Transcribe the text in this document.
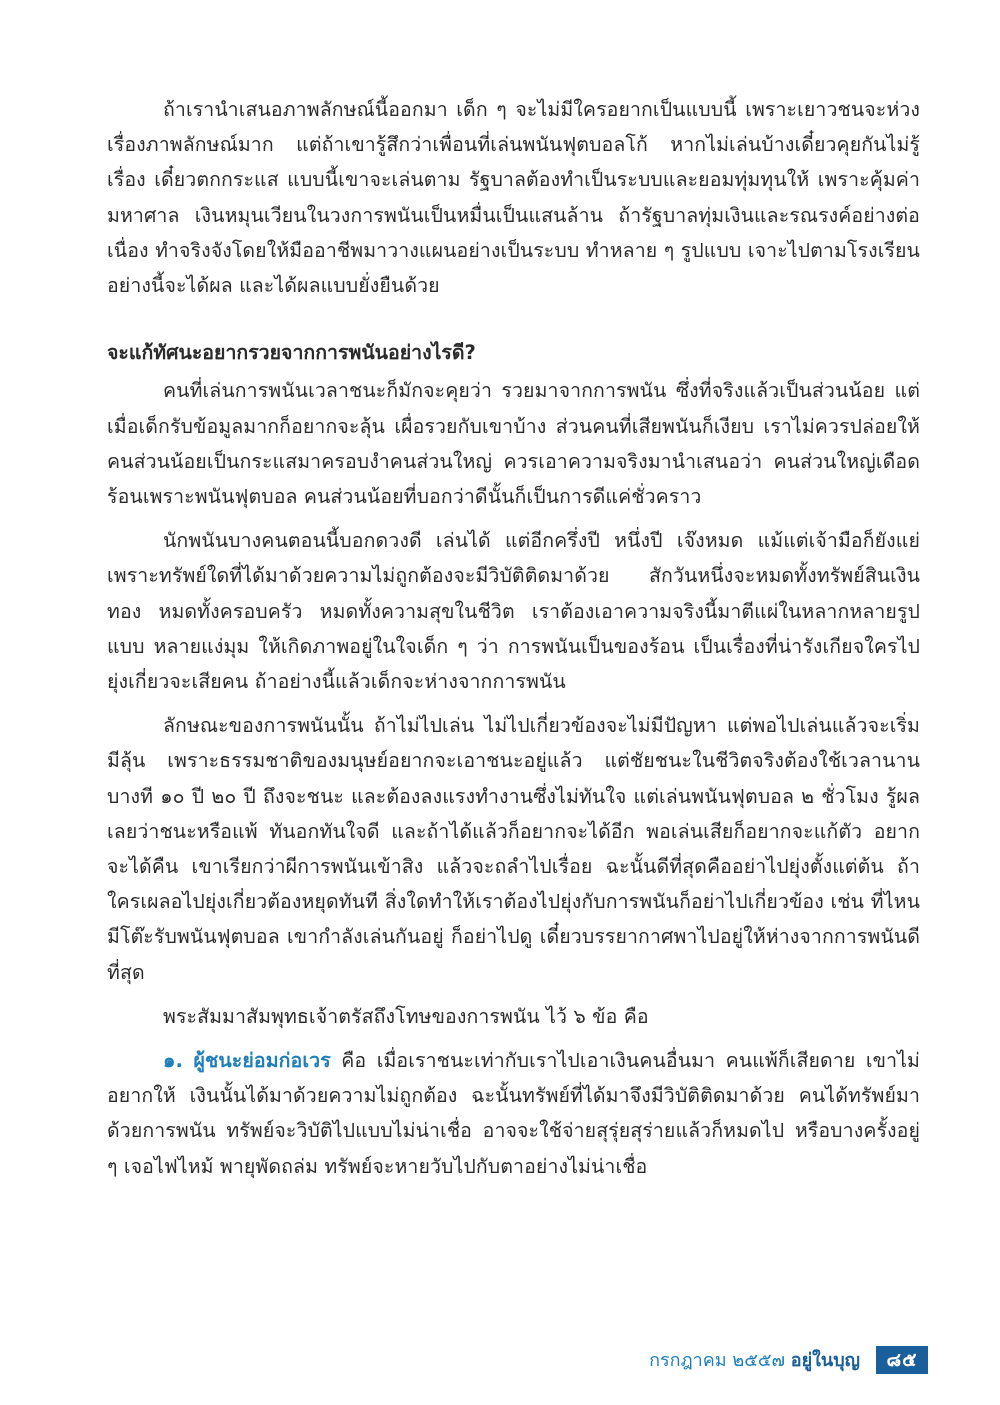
ถ้าเรานำเสนอภาพลักษณ์นี้ออกมา เด็ก ๆ จะไม่มีใครอยากเป็นแบบนี้ เพราะเยาวชนจะห่วงเรื่องภาพลักษณ์มาก แต่ถ้าเขารู้สึกว่าเพื่อนที่เล่นพนันฟุตบอลโก้ หากไม่เล่นบ้างเดี๋ยวคุยกันไม่รู้เรื่อง เดี๋ยวตกกระแส แบบนี้เขาจะเล่นตาม รัฐบาลต้องทำเป็นระบบและยอมทุ่มทุนให้ เพราะคุ้มค่ามหาศาล เงินหมุนเวียนในวงการพนันเป็นหมื่นเป็นแสนล้าน ถ้ารัฐบาลทุ่มเงินและรณรงค์อย่างต่อเนื่อง ทำจริงจังโดยให้มืออาชีพมาวางแผนอย่างเป็นระบบ ทำหลาย ๆ รูปแบบ เจาะไปตามโรงเรียน อย่างนี้จะได้ผล และได้ผลแบบยั่งยืนด้วย

จะแก้ทัศนะอยากรวยจากการพนันอย่างไรดี?

คนที่เล่นการพนันเวลาชนะก็มักจะคุยว่า รวยมาจากการพนัน ซึ่งที่จริงแล้วเป็นส่วนน้อย แต่เมื่อเด็กรับข้อมูลมากก็อยากจะลุ้น เผื่อรวยกับเขาบ้าง ส่วนคนที่เสียพนันก็เงียบ เราไม่ควรปล่อยให้คนส่วนน้อยเป็นกระแสมาครอบงำคนส่วนใหญ่ ควรเอาความจริงมานำเสนอว่า คนส่วนใหญ่เดือดร้อนเพราะพนันฟุตบอล คนส่วนน้อยที่บอกว่าดีนั้นก็เป็นการดีแค่ชั่วคราว

นักพนันบางคนตอนนี้บอกดวงดี เล่นได้ แต่อีกครึ่งปี หนึ่งปี เจ๊งหมด แม้แต่เจ้ามือก็ยังแย่ เพราะทรัพย์ใดที่ได้มาด้วยความไม่ถูกต้องจะมีวิบัติติดมาด้วย สักวันหนึ่งจะหมดทั้งทรัพย์สินเงินทอง หมดทั้งครอบครัว หมดทั้งความสุขในชีวิต เราต้องเอาความจริงนี้มาตีแผ่ในหลากหลายรูปแบบ หลายแง่มุม ให้เกิดภาพอยู่ในใจเด็ก ๆ ว่า การพนันเป็นของร้อน เป็นเรื่องที่น่ารังเกียจใครไปยุ่งเกี่ยวจะเสียคน ถ้าอย่างนี้แล้วเด็กจะห่างจากการพนัน

ลักษณะของการพนันนั้น ถ้าไม่ไปเล่น ไม่ไปเกี่ยวข้องจะไม่มีปัญหา แต่พอไปเล่นแล้วจะเริ่มมีลุ้น เพราะธรรมชาติของมนุษย์อยากจะเอาชนะอยู่แล้ว แต่ชัยชนะในชีวิตจริงต้องใช้เวลานาน บางที ๑๐ ปี ๒๐ ปี ถึงจะชนะ และต้องลงแรงทำงานซึ่งไม่ทันใจ แต่เล่นพนันฟุตบอล ๒ ชั่วโมง รู้ผลเลยว่าชนะหรือแพ้ ทันอกทันใจดี และถ้าได้แล้วก็อยากจะได้อีก พอเล่นเสียก็อยากจะแก้ตัว อยากจะได้คืน เขาเรียกว่าผีการพนันเข้าสิง แล้วจะถลำไปเรื่อย ฉะนั้นดีที่สุดคืออย่าไปยุ่งตั้งแต่ต้น ถ้าใครเผลอไปยุ่งเกี่ยวต้องหยุดทันที สิ่งใดทำให้เราต้องไปยุ่งกับการพนันก็อย่าไปเกี่ยวข้อง เช่น ที่ไหนมีโต๊ะรับพนันฟุตบอล เขากำลังเล่นกันอยู่ ก็อย่าไปดู เดี๋ยวบรรยากาศพาไปอยู่ให้ห่างจากการพนันดีที่สุด

พระสัมมาสัมพุทธเจ้าตรัสถึงโทษของการพนัน ไว้ ๖ ข้อ คือ

๑. ผู้ชนะย่อมก่อเวร คือ เมื่อเราชนะเท่ากับเราไปเอาเงินคนอื่นมา คนแพ้ก็เสียดาย เขาไม่อยากให้ เงินนั้นได้มาด้วยความไม่ถูกต้อง ฉะนั้นทรัพย์ที่ได้มาจึงมีวิบัติติดมาด้วย คนได้ทรัพย์มาด้วยการพนัน ทรัพย์จะวิบัติไปแบบไม่น่าเชื่อ อาจจะใช้จ่ายสุรุ่ยสุร่ายแล้วก็หมดไป หรือบางครั้งอยู่ ๆ เจอไฟไหม้ พายุพัดถล่ม ทรัพย์จะหายวับไปกับตาอย่างไม่น่าเชื่อ

กรกฎาคม ๒๕๕๗ อยู่ในบุญ	๘๕
